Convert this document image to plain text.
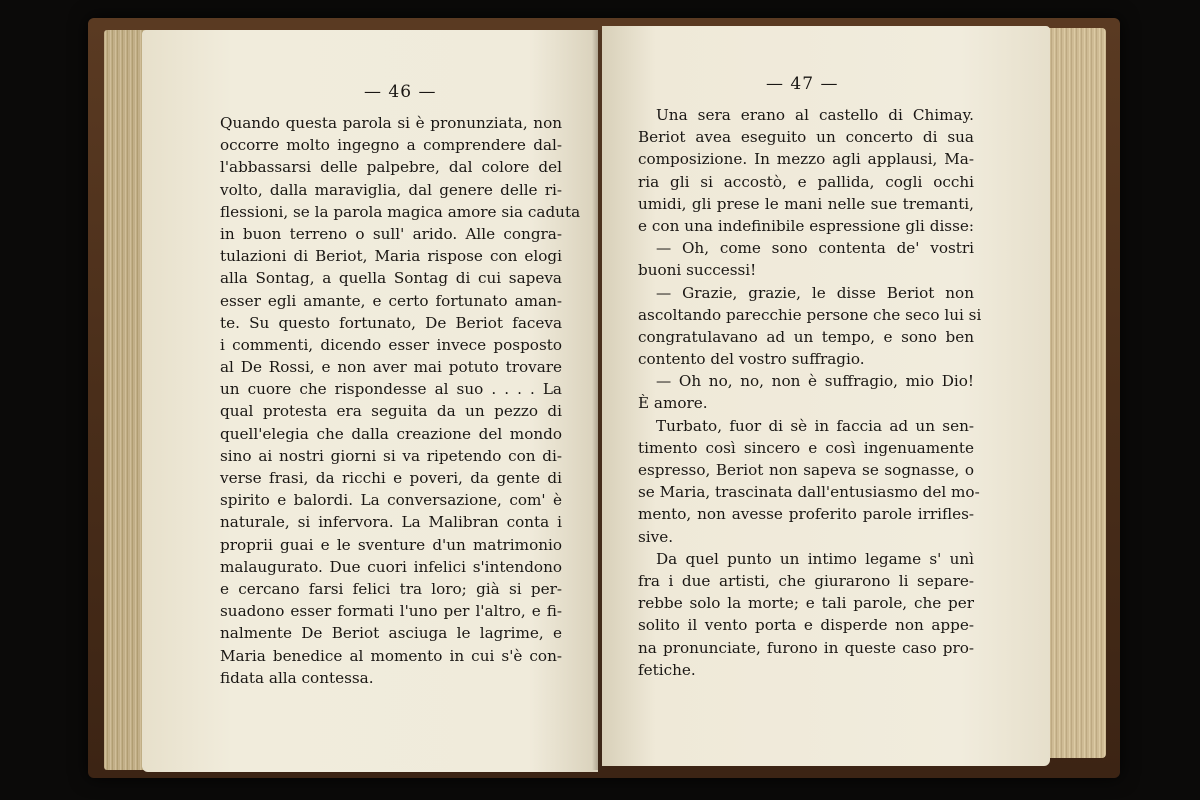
— 46 —
Quando questa parola si è pronunziata, non
occorre molto ingegno a comprendere dal-
l'abbassarsi delle palpebre, dal colore del
volto, dalla maraviglia, dal genere delle ri-
flessioni, se la parola magica amore sia caduta
in buon terreno o sull' arido. Alle congra-
tulazioni di Beriot, Maria rispose con elogi
alla Sontag, a quella Sontag di cui sapeva
esser egli amante, e certo fortunato aman-
te. Su questo fortunato, De Beriot faceva
i commenti, dicendo esser invece posposto
al De Rossi, e non aver mai potuto trovare
un cuore che rispondesse al suo . . . . La
qual protesta era seguita da un pezzo di
quell'elegia che dalla creazione del mondo
sino ai nostri giorni si va ripetendo con di-
verse frasi, da ricchi e poveri, da gente di
spirito e balordi. La conversazione, com' è
naturale, si infervora. La Malibran conta i
proprii guai e le sventure d'un matrimonio
malaugurato. Due cuori infelici s'intendono
e cercano farsi felici tra loro; già si per-
suadono esser formati l'uno per l'altro, e fi-
nalmente De Beriot asciuga le lagrime, e
Maria benedice al momento in cui s'è con-
fidata alla contessa.
— 47 —
Una sera erano al castello di Chimay.
Beriot avea eseguito un concerto di sua
composizione. In mezzo agli applausi, Ma-
ria gli si accostò, e pallida, cogli occhi
umidi, gli prese le mani nelle sue tremanti,
e con una indefinibile espressione gli disse:
— Oh, come sono contenta de' vostri
buoni successi!
— Grazie, grazie, le disse Beriot non
ascoltando parecchie persone che seco lui si
congratulavano ad un tempo, e sono ben
contento del vostro suffragio.
— Oh no, no, non è suffragio, mio Dio!
È amore.
Turbato, fuor di sè in faccia ad un sen-
timento così sincero e così ingenuamente
espresso, Beriot non sapeva se sognasse, o
se Maria, trascinata dall'entusiasmo del mo-
mento, non avesse proferito parole irrifles-
sive.
Da quel punto un intimo legame s' unì
fra i due artisti, che giurarono li separe-
rebbe solo la morte; e tali parole, che per
solito il vento porta e disperde non appe-
na pronunciate, furono in queste caso pro-
fetiche.
